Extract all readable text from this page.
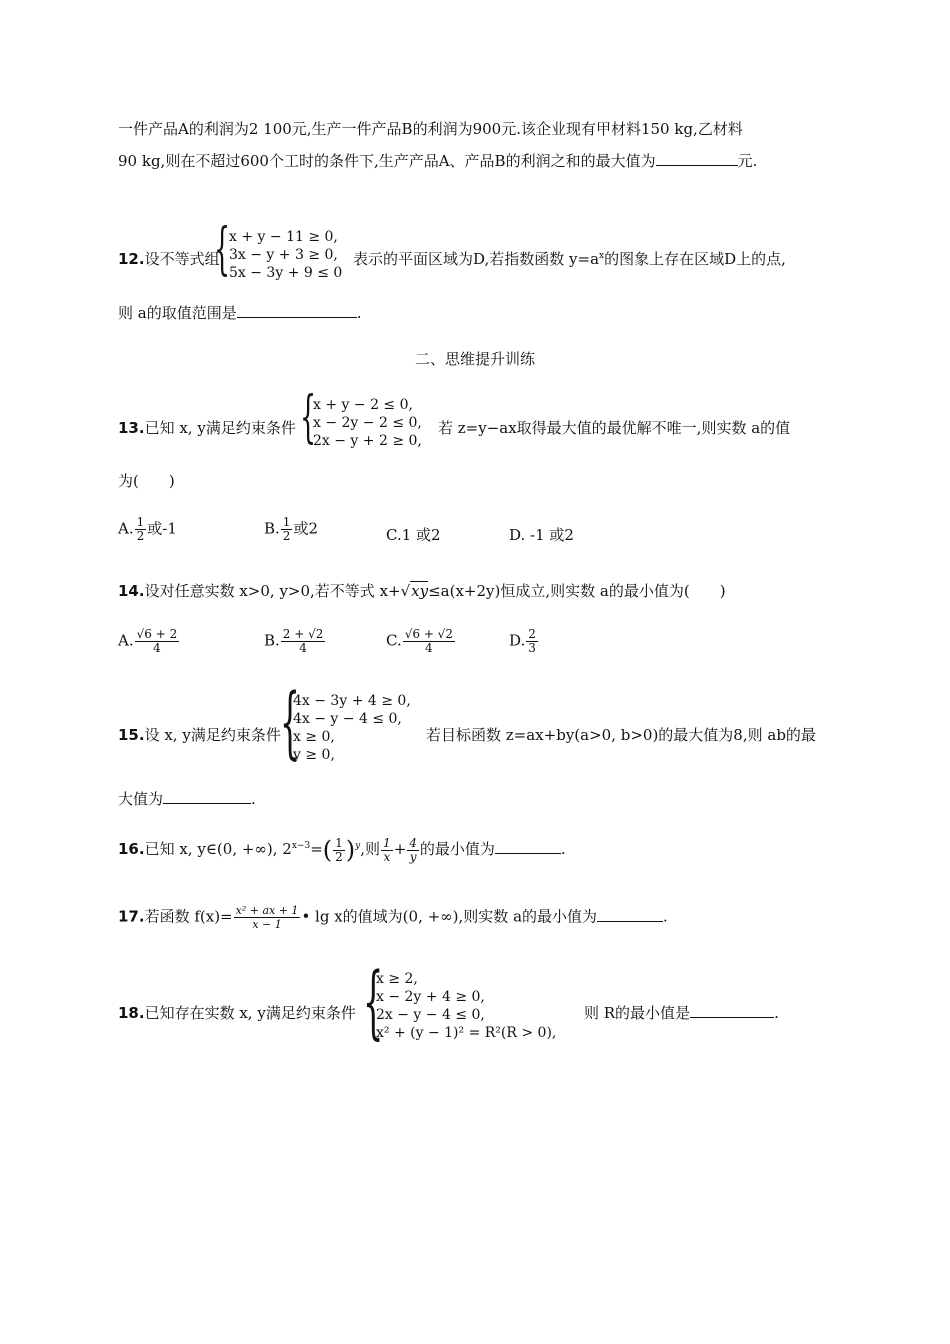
一件产品A的利润为2 100元,生产一件产品B的利润为900元.该企业现有甲材料150 kg,乙材料
90 kg,则在不超过600个工时的条件下,生产产品A、产品B的利润之和的最大值为	元.
12.设不等式组
{
x + y − 11 ≥ 0,
3x − y + 3 ≥ 0,
5x − 3y + 9 ≤ 0
表示的平面区域为D,若指数函数 $y=a^x$的图象上存在区域D上的点,
则 a的取值范围是	.
二、思维提升训练
13.已知 x, y满足约束条件 {
x + y − 2 ≤ 0,
x − 2y − 2 ≤ 0,
2x − y + 2 ≥ 0,
若 z=y−ax取得最大值的最优解不唯一,则实数 a的值
为(　　)
A. $\frac{1}{2}$ 或-1	B. $\frac{1}{2}$ 或2	C.1 或2	D. -1 或2
14.设对任意实数 x>0, y>0,若不等式 x+√xy≤a(x+2y)恒成立,则实数 a的最小值为(　　)
A. $\frac{√6 + 2}{4}$	B. $\frac{2 + √2}{4}$	C. $\frac{√6 + √2}{4}$	D. $\frac{2}{3}$
15.设 x, y满足约束条件 {
4x − 3y + 4 ≥ 0,
4x − y − 4 ≤ 0,
x ≥ 0,
y ≥ 0,
若目标函数 z=ax+by(a>0, b>0)的最大值为8,则 ab的最
大值为	.
16.已知 x, y∈(0, +∞), $2^{x-3}=( \frac{1}{2} )^y$,则 $\frac{1}{x} + \frac{4}{y}$ 的最小值为	.
17.若函数 $f(x)= \frac{\text{x² + ax + 1}}{x - 1}$ • lg x的值域为(0, +∞),则实数 a的最小值为	.
18.已知存在实数 x, y满足约束条件 {
x ≥ 2,
x − 2y + 4 ≥ 0,
2x − y − 4 ≤ 0,
x² + (y − 1)² = R²(R > 0),
则 R的最小值是	.
